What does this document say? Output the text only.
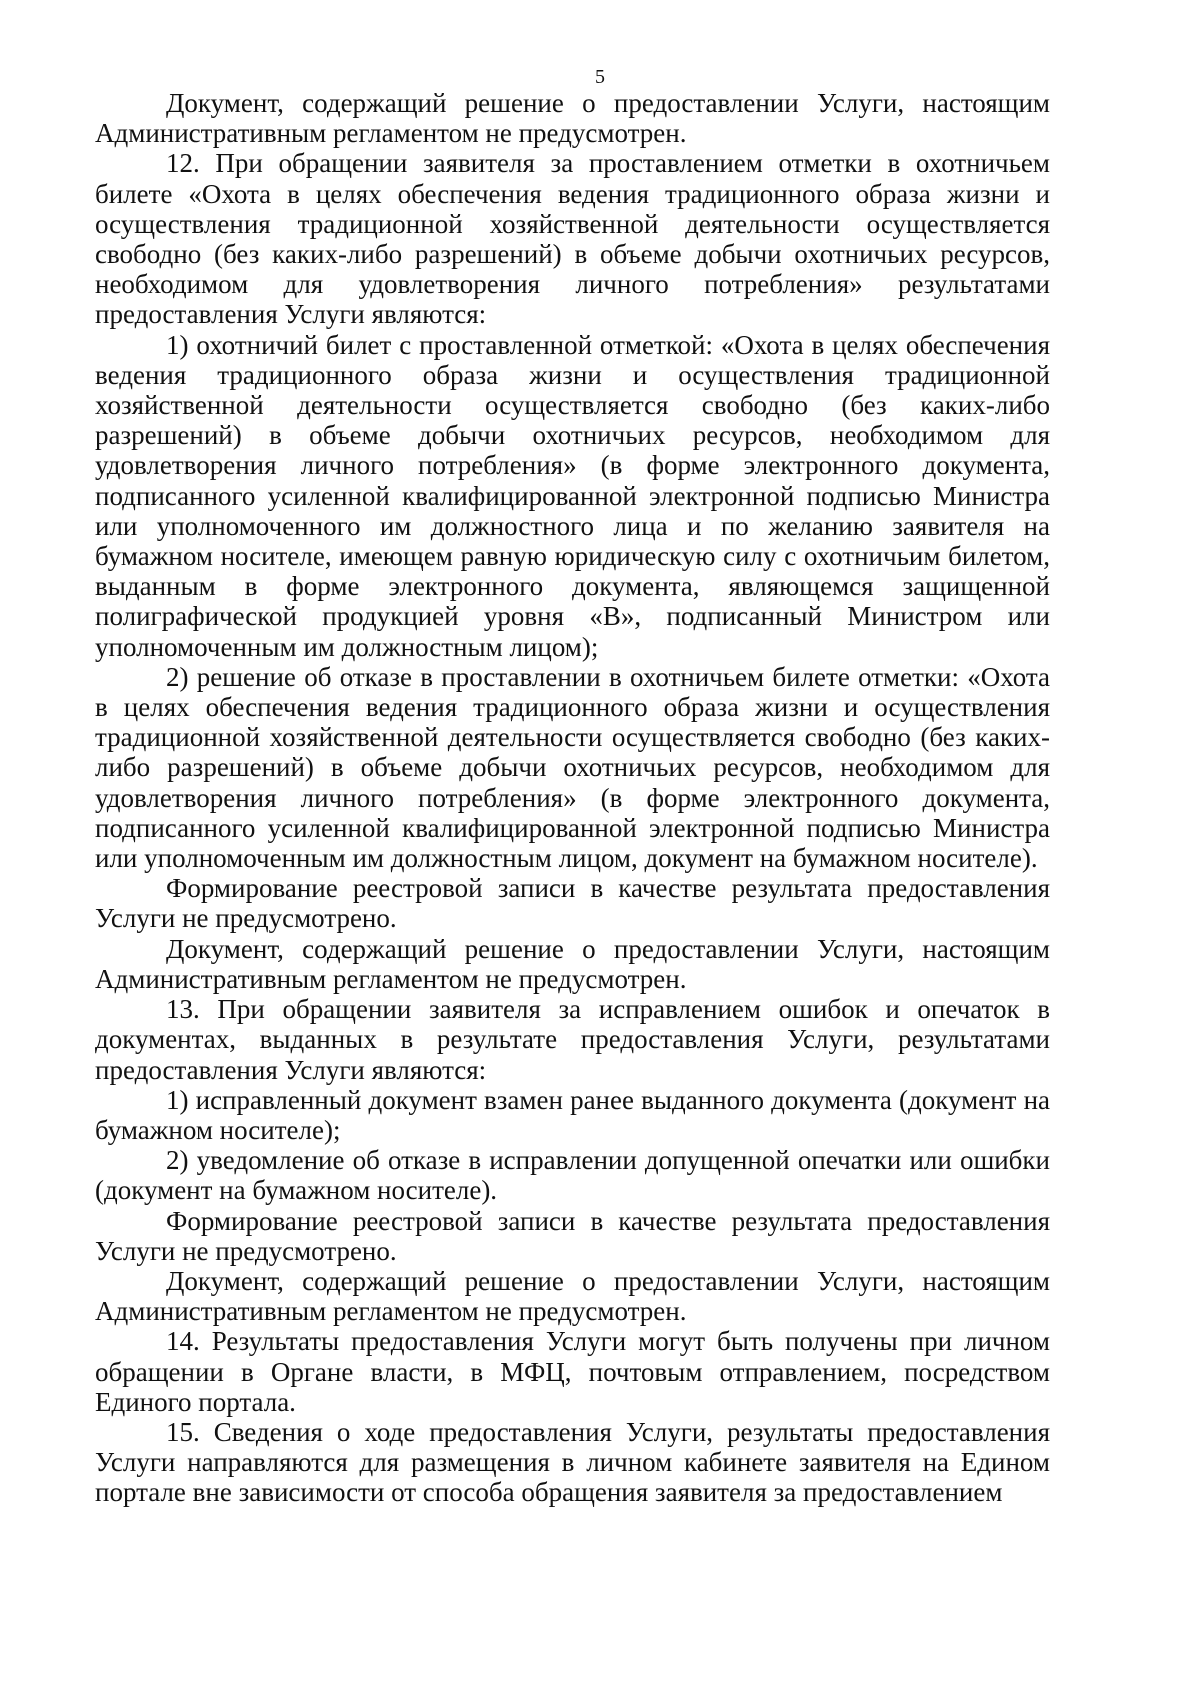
5

Документ, содержащий решение о предоставлении Услуги, настоящим Административным регламентом не предусмотрен.

12. При обращении заявителя за проставлением отметки в охотничьем билете «Охота в целях обеспечения ведения традиционного образа жизни и осуществления традиционной хозяйственной деятельности осуществляется свободно (без каких-либо разрешений) в объеме добычи охотничьих ресурсов, необходимом для удовлетворения личного потребления» результатами предоставления Услуги являются:

1) охотничий билет с проставленной отметкой: «Охота в целях обеспечения ведения традиционного образа жизни и осуществления традиционной хозяйственной деятельности осуществляется свободно (без каких-либо разрешений) в объеме добычи охотничьих ресурсов, необходимом для удовлетворения личного потребления» (в форме электронного документа, подписанного усиленной квалифицированной электронной подписью Министра или уполномоченного им должностного лица и по желанию заявителя на бумажном носителе, имеющем равную юридическую силу с охотничьим билетом, выданным в форме электронного документа, являющемся защищенной полиграфической продукцией уровня «В», подписанный Министром или уполномоченным им должностным лицом);

2) решение об отказе в проставлении в охотничьем билете отметки: «Охота в целях обеспечения ведения традиционного образа жизни и осуществления традиционной хозяйственной деятельности осуществляется свободно (без каких-либо разрешений) в объеме добычи охотничьих ресурсов, необходимом для удовлетворения личного потребления» (в форме электронного документа, подписанного усиленной квалифицированной электронной подписью Министра или уполномоченным им должностным лицом, документ на бумажном носителе).

Формирование реестровой записи в качестве результата предоставления Услуги не предусмотрено.

Документ, содержащий решение о предоставлении Услуги, настоящим Административным регламентом не предусмотрен.

13. При обращении заявителя за исправлением ошибок и опечаток в документах, выданных в результате предоставления Услуги, результатами предоставления Услуги являются:

1) исправленный документ взамен ранее выданного документа (документ на бумажном носителе);

2) уведомление об отказе в исправлении допущенной опечатки или ошибки (документ на бумажном носителе).

Формирование реестровой записи в качестве результата предоставления Услуги не предусмотрено.

Документ, содержащий решение о предоставлении Услуги, настоящим Административным регламентом не предусмотрен.

14. Результаты предоставления Услуги могут быть получены при личном обращении в Органе власти, в МФЦ, почтовым отправлением, посредством Единого портала.

15. Сведения о ходе предоставления Услуги, результаты предоставления Услуги направляются для размещения в личном кабинете заявителя на Едином портале вне зависимости от способа обращения заявителя за предоставлением
